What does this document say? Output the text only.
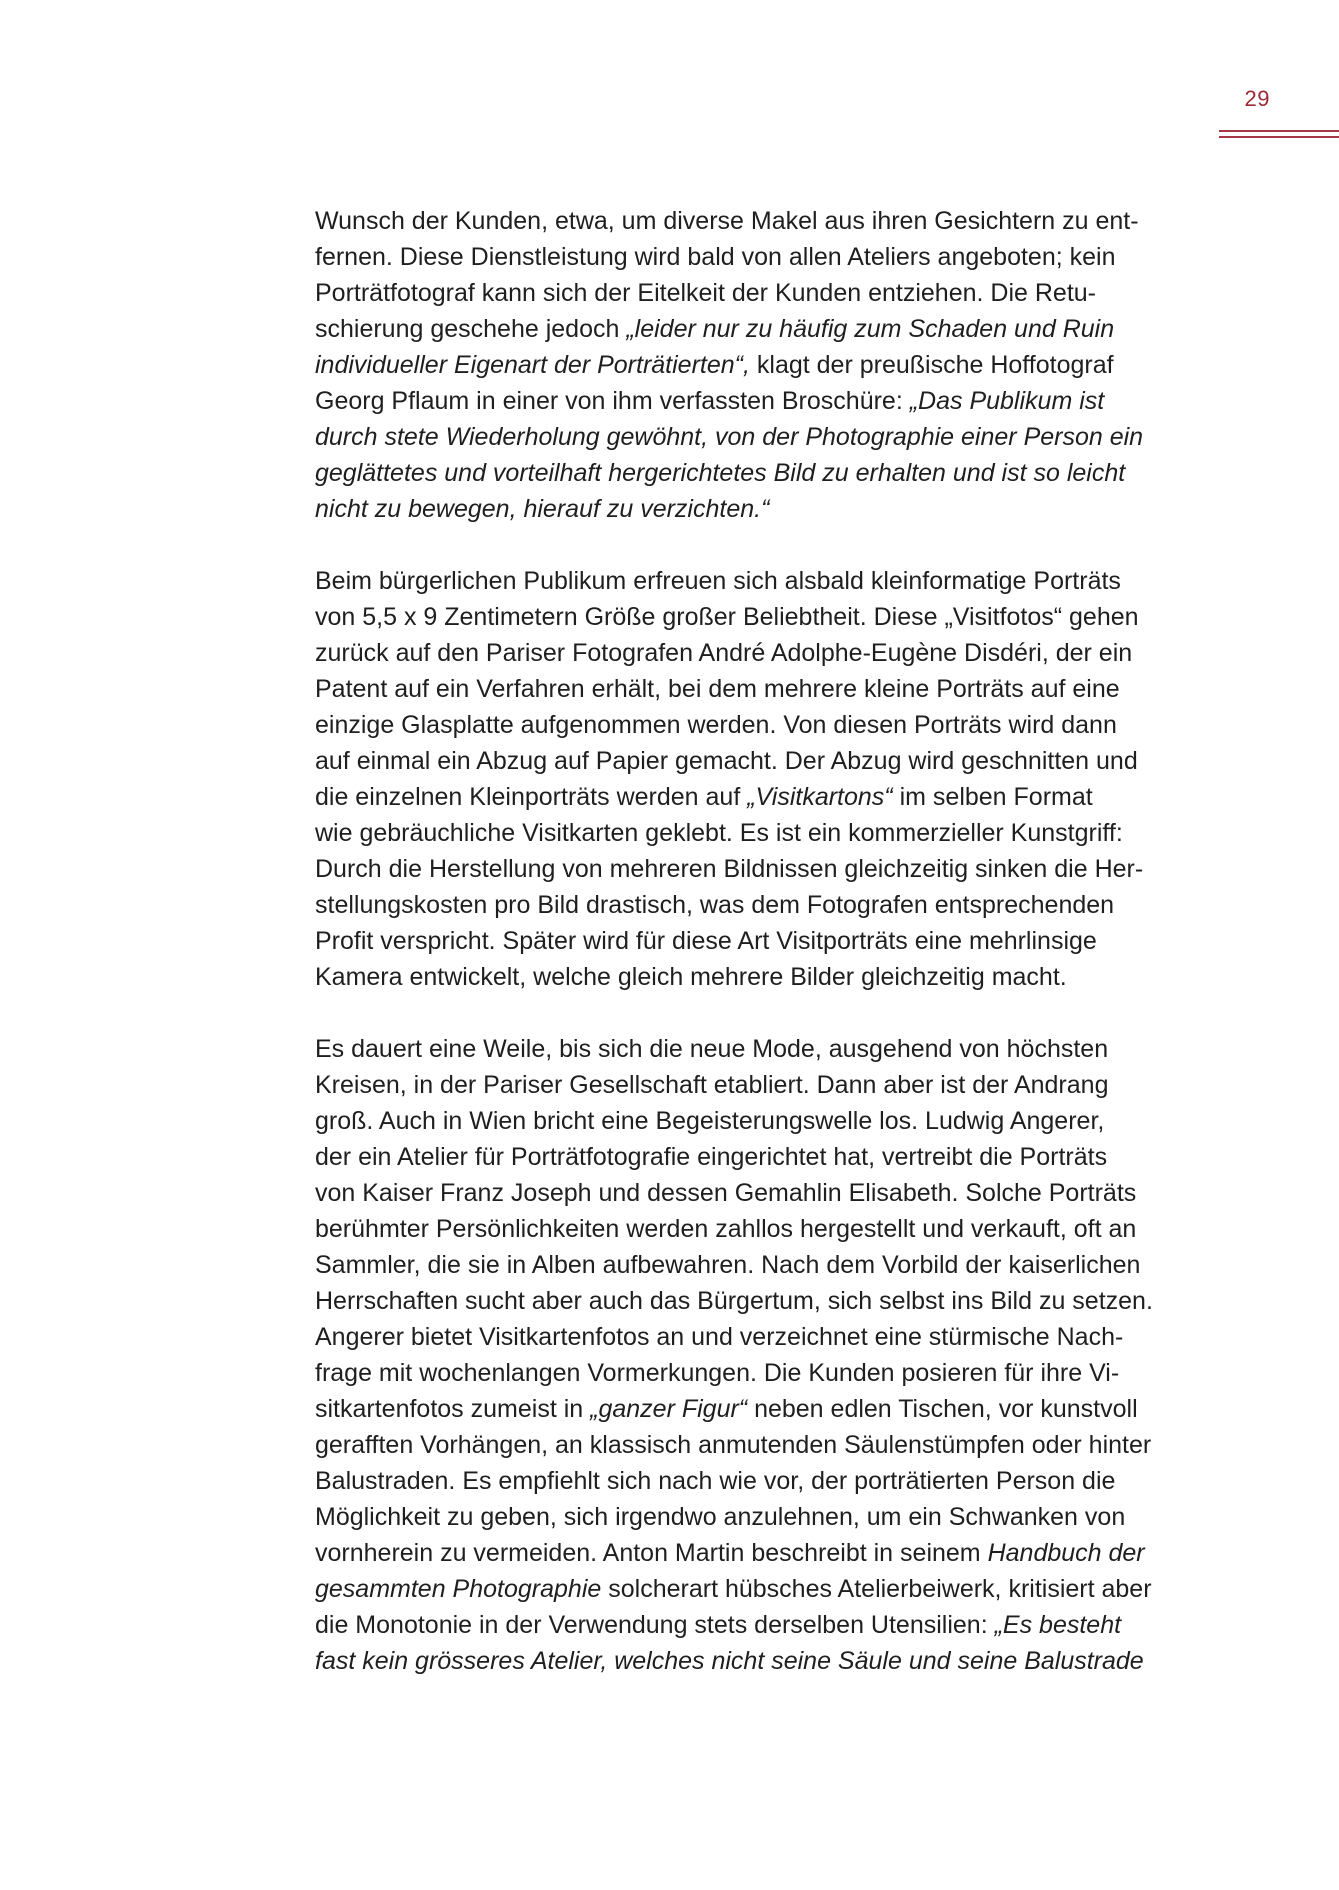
29
Wunsch der Kunden, etwa, um diverse Makel aus ihren Gesichtern zu ent-
fernen. Diese Dienstleistung wird bald von allen Ateliers angeboten; kein
Porträtfotograf kann sich der Eitelkeit der Kunden entziehen. Die Retu-
schierung geschehe jedoch „leider nur zu häufig zum Schaden und Ruin
individueller Eigenart der Porträtierten“, klagt der preußische Hoffotograf
Georg Pflaum in einer von ihm verfassten Broschüre: „Das Publikum ist
durch stete Wiederholung gewöhnt, von der Photographie einer Person ein
geglättetes und vorteilhaft hergerichtetes Bild zu erhalten und ist so leicht
nicht zu bewegen, hierauf zu verzichten.“
Beim bürgerlichen Publikum erfreuen sich alsbald kleinformatige Porträts
von 5,5 x 9 Zentimetern Größe großer Beliebtheit. Diese „Visitfotos“ gehen
zurück auf den Pariser Fotografen André Adolphe-Eugène Disdéri, der ein
Patent auf ein Verfahren erhält, bei dem mehrere kleine Porträts auf eine
einzige Glasplatte aufgenommen werden. Von diesen Porträts wird dann
auf einmal ein Abzug auf Papier gemacht. Der Abzug wird geschnitten und
die einzelnen Kleinporträts werden auf „Visitkartons“ im selben Format
wie gebräuchliche Visitkarten geklebt. Es ist ein kommerzieller Kunstgriff:
Durch die Herstellung von mehreren Bildnissen gleichzeitig sinken die Her-
stellungskosten pro Bild drastisch, was dem Fotografen entsprechenden
Profit verspricht. Später wird für diese Art Visitporträts eine mehrlinsige
Kamera entwickelt, welche gleich mehrere Bilder gleichzeitig macht.
Es dauert eine Weile, bis sich die neue Mode, ausgehend von höchsten
Kreisen, in der Pariser Gesellschaft etabliert. Dann aber ist der Andrang
groß. Auch in Wien bricht eine Begeisterungswelle los. Ludwig Angerer,
der ein Atelier für Porträtfotografie eingerichtet hat, vertreibt die Porträts
von Kaiser Franz Joseph und dessen Gemahlin Elisabeth. Solche Porträts
berühmter Persönlichkeiten werden zahllos hergestellt und verkauft, oft an
Sammler, die sie in Alben aufbewahren. Nach dem Vorbild der kaiserlichen
Herrschaften sucht aber auch das Bürgertum, sich selbst ins Bild zu setzen.
Angerer bietet Visitkartenfotos an und verzeichnet eine stürmische Nach-
frage mit wochenlangen Vormerkungen. Die Kunden posieren für ihre Vi-
sitkartenfotos zumeist in „ganzer Figur“ neben edlen Tischen, vor kunstvoll
gerafften Vorhängen, an klassisch anmutenden Säulenstümpfen oder hinter
Balustraden. Es empfiehlt sich nach wie vor, der porträtierten Person die
Möglichkeit zu geben, sich irgendwo anzulehnen, um ein Schwanken von
vornherein zu vermeiden. Anton Martin beschreibt in seinem Handbuch der
gesammten Photographie solcherart hübsches Atelierbeiwerk, kritisiert aber
die Monotonie in der Verwendung stets derselben Utensilien: „Es besteht
fast kein grösseres Atelier, welches nicht seine Säule und seine Balustrade
